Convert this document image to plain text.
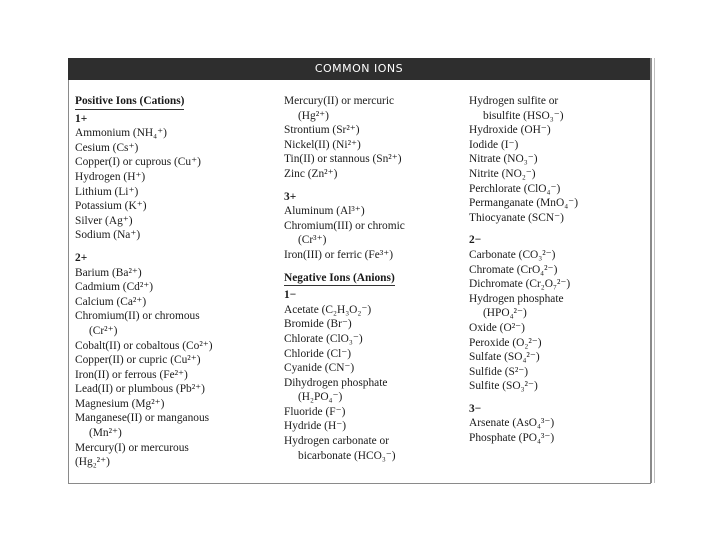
COMMON IONS
Positive Ions (Cations)
1+
Ammonium (NH₄⁺)
Cesium (Cs⁺)
Copper(I) or cuprous (Cu⁺)
Hydrogen (H⁺)
Lithium (Li⁺)
Potassium (K⁺)
Silver (Ag⁺)
Sodium (Na⁺)
2+
Barium (Ba²⁺)
Cadmium (Cd²⁺)
Calcium (Ca²⁺)
Chromium(II) or chromous
(Cr²⁺)
Cobalt(II) or cobaltous (Co²⁺)
Copper(II) or cupric (Cu²⁺)
Iron(II) or ferrous (Fe²⁺)
Lead(II) or plumbous (Pb²⁺)
Magnesium (Mg²⁺)
Manganese(II) or manganous
(Mn²⁺)
Mercury(I) or mercurous
(Hg₂²⁺)
Mercury(II) or mercuric
(Hg²⁺)
Strontium (Sr²⁺)
Nickel(II) (Ni²⁺)
Tin(II) or stannous (Sn²⁺)
Zinc (Zn²⁺)
3+
Aluminum (Al³⁺)
Chromium(III) or chromic
(Cr³⁺)
Iron(III) or ferric (Fe³⁺)
Negative Ions (Anions)
1−
Acetate (C₂H₃O₂⁻)
Bromide (Br⁻)
Chlorate (ClO₃⁻)
Chloride (Cl⁻)
Cyanide (CN⁻)
Dihydrogen phosphate
(H₂PO₄⁻)
Fluoride (F⁻)
Hydride (H⁻)
Hydrogen carbonate or
bicarbonate (HCO₃⁻)
Hydrogen sulfite or
bisulfite (HSO₃⁻)
Hydroxide (OH⁻)
Iodide (I⁻)
Nitrate (NO₃⁻)
Nitrite (NO₂⁻)
Perchlorate (ClO₄⁻)
Permanganate (MnO₄⁻)
Thiocyanate (SCN⁻)
2−
Carbonate (CO₃²⁻)
Chromate (CrO₄²⁻)
Dichromate (Cr₂O₇²⁻)
Hydrogen phosphate
(HPO₄²⁻)
Oxide (O²⁻)
Peroxide (O₂²⁻)
Sulfate (SO₄²⁻)
Sulfide (S²⁻)
Sulfite (SO₃²⁻)
3−
Arsenate (AsO₄³⁻)
Phosphate (PO₄³⁻)
